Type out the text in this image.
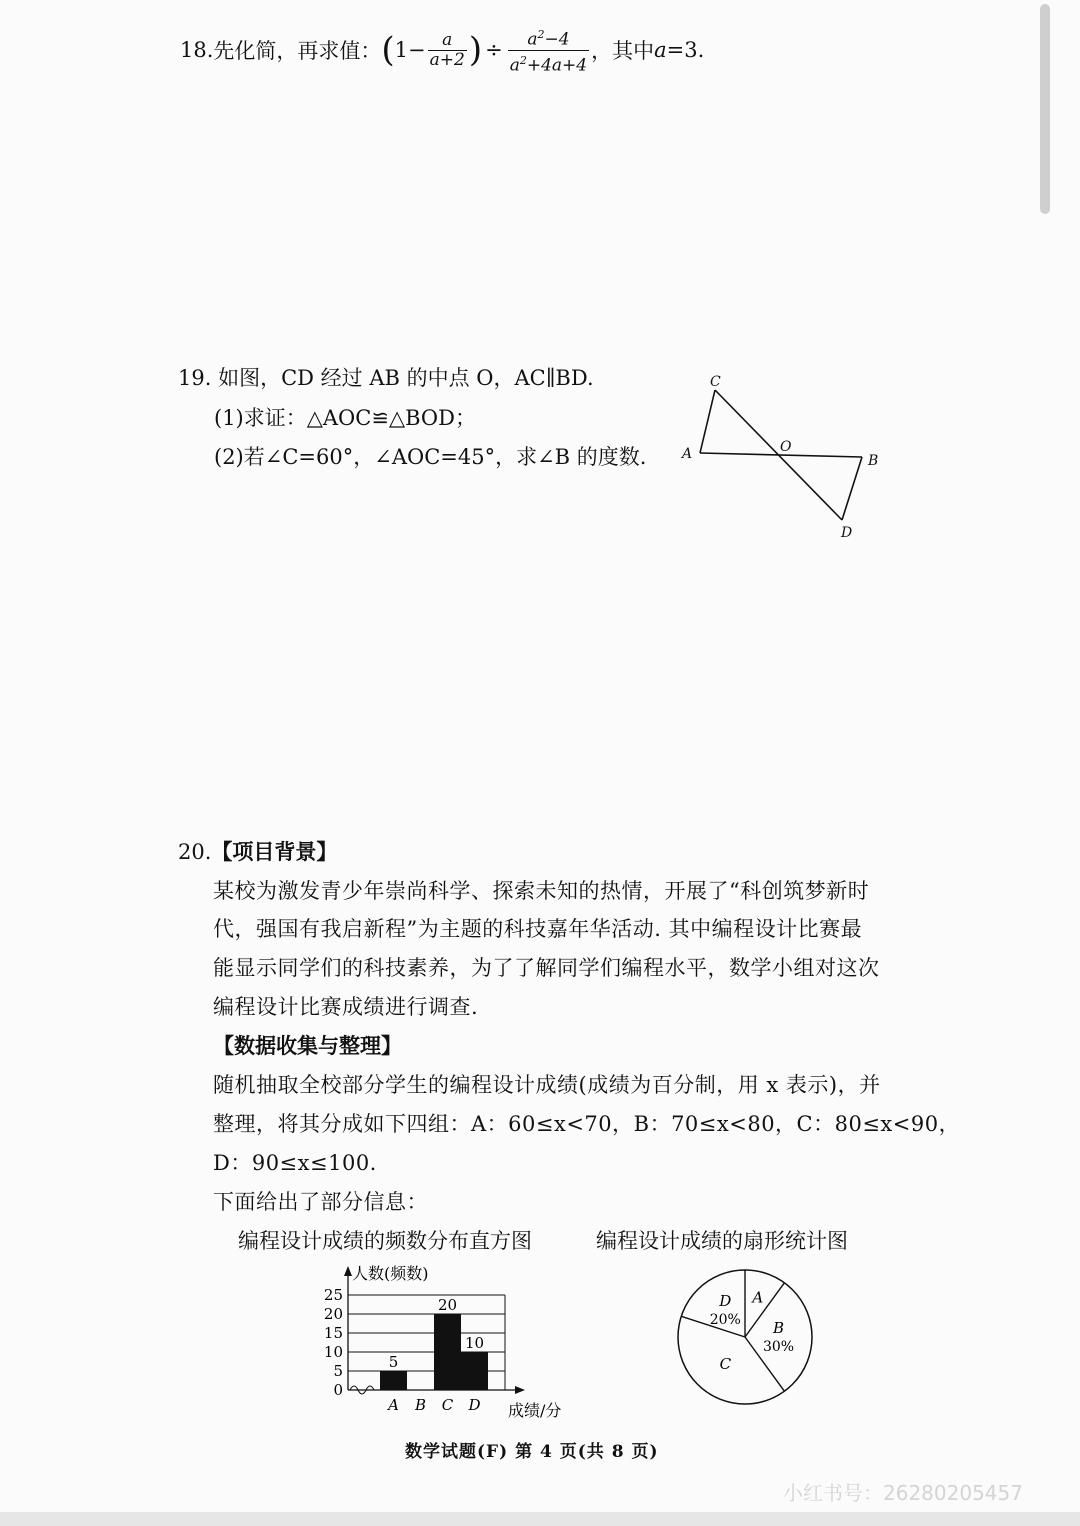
18. 先化简，再求值： ( $1- \frac{a}{a+2}$ ) ÷ $\frac{a^2-4}{a^2+4a+4}$ ，其中 a =3.
19. 如图，CD 经过 AB 的中点 O，AC∥BD.
(1)求证：△AOC≌△BOD；
(2)若∠C=60°，∠AOC=45°，求∠B 的度数.
C
A	O
B
D
20.【项目背景】
某校为激发青少年崇尚科学、探索未知的热情，开展了“科创筑梦新时
代，强国有我启新程”为主题的科技嘉年华活动. 其中编程设计比赛最
能显示同学们的科技素养，为了了解同学们编程水平，数学小组对这次
编程设计比赛成绩进行调查.
【数据收集与整理】
随机抽取全校部分学生的编程设计成绩(成绩为百分制，用 x 表示)，并
整理，将其分成如下四组：A：60≤x<70，B：70≤x<80，C：80≤x<90，
D：90≤x≤100.
下面给出了部分信息：
编程设计成绩的频数分布直方图	编程设计成绩的扇形统计图
0
5
10
15
20
25
人数(频数)
成绩/分
5
A B
20
C
10
D
A
B
30%
C
D
20%
数学试题(F) 第 4 页(共 8 页)
小红书号：26280205457
